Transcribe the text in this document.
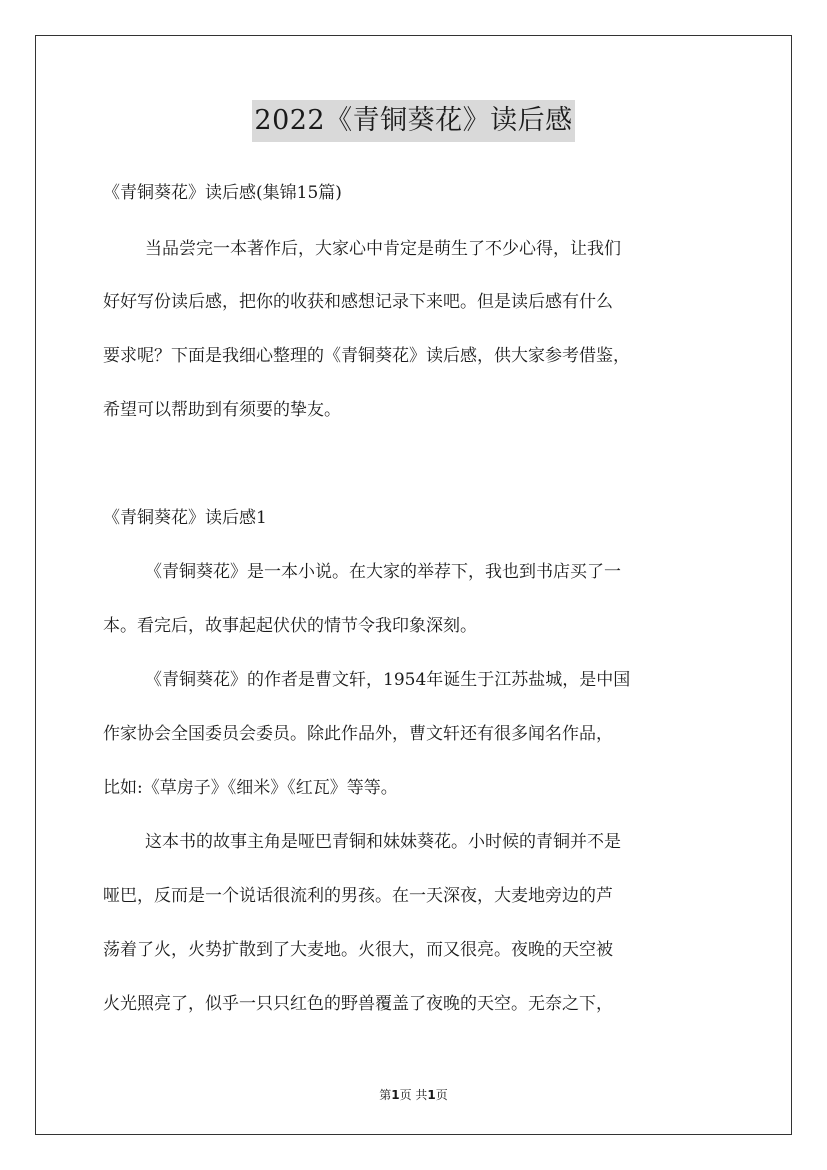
2022《青铜葵花》读后感
《青铜葵花》读后感(集锦15篇)
当品尝完一本著作后，大家心中肯定是萌生了不少心得，让我们
好好写份读后感，把你的收获和感想记录下来吧。但是读后感有什么
要求呢？下面是我细心整理的《青铜葵花》读后感，供大家参考借鉴，
希望可以帮助到有须要的挚友。
《青铜葵花》读后感1
《青铜葵花》是一本小说。在大家的举荐下，我也到书店买了一
本。看完后，故事起起伏伏的情节令我印象深刻。
《青铜葵花》的作者是曹文轩，1954年诞生于江苏盐城，是中国
作家协会全国委员会委员。除此作品外，曹文轩还有很多闻名作品，
比如:《草房子》《细米》《红瓦》等等。
这本书的故事主角是哑巴青铜和妹妹葵花。小时候的青铜并不是
哑巴，反而是一个说话很流利的男孩。在一天深夜，大麦地旁边的芦
荡着了火，火势扩散到了大麦地。火很大，而又很亮。夜晚的天空被
火光照亮了，似乎一只只红色的野兽覆盖了夜晚的天空。无奈之下，
第1页 共1页
